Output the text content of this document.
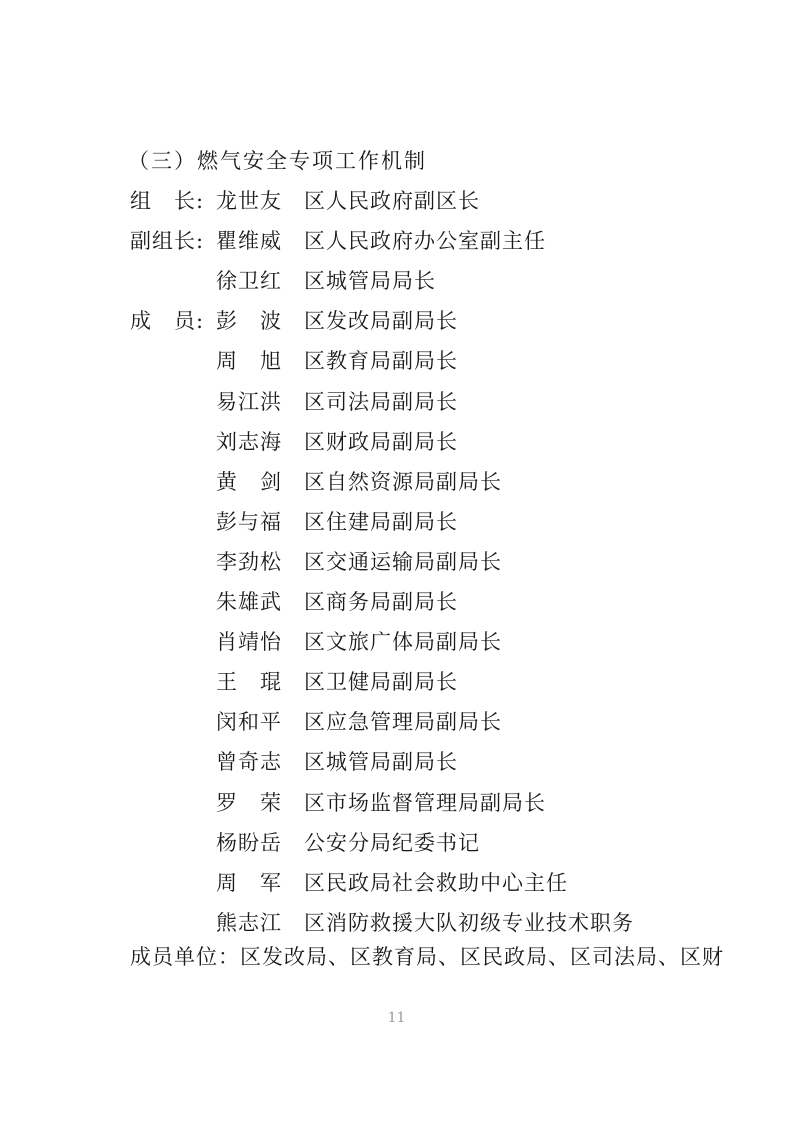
（三）燃气安全专项工作机制
组　长: 龙世友 区人民政府副区长
副组长: 瞿维威 区人民政府办公室副主任
徐卫红 区城管局局长
成　员: 彭　波 区发改局副局长
周　旭 区教育局副局长
易江洪 区司法局副局长
刘志海 区财政局副局长
黄　剑 区自然资源局副局长
彭与福 区住建局副局长
李劲松 区交通运输局副局长
朱雄武 区商务局副局长
肖靖怡 区文旅广体局副局长
王　琨 区卫健局副局长
闵和平 区应急管理局副局长
曾奇志 区城管局副局长
罗　荣 区市场监督管理局副局长
杨盼岳 公安分局纪委书记
周　军 区民政局社会救助中心主任
熊志江 区消防救援大队初级专业技术职务
成员单位：区发改局、区教育局、区民政局、区司法局、区财
11
